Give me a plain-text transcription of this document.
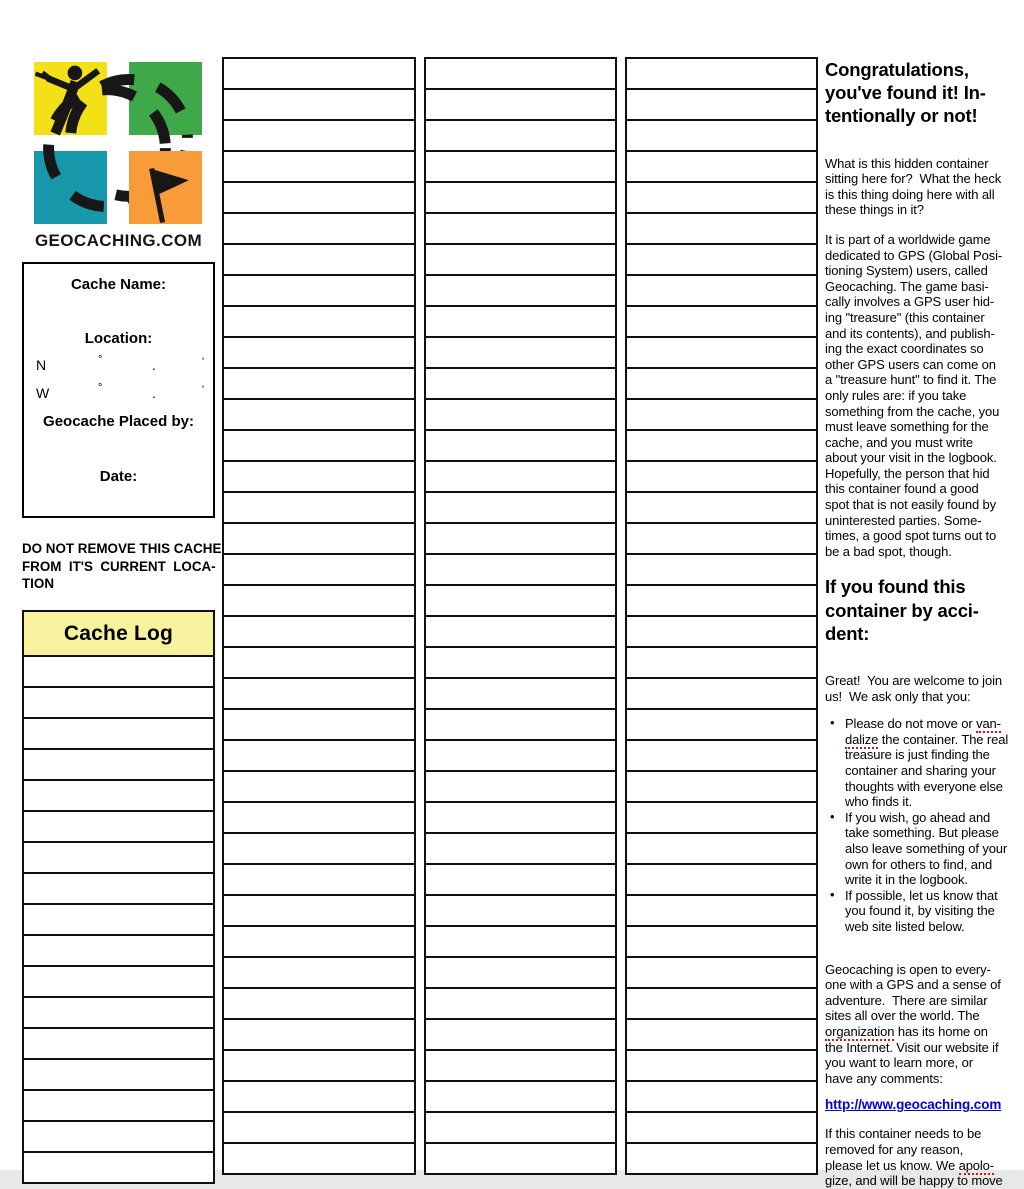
GEOCACHING.COM
Cache Name:
Location:
N	°	.	'
W	°	.	'
Geocache Placed by:
Date:
DO NOT REMOVE THIS CACHE
FROM  IT'S  CURRENT  LOCA-
TION
Cache Log
Congratulations,
you've found it! In-
tentionally or not!
What is this hidden container
sitting here for?  What the heck
is this thing doing here with all
these things in it?
It is part of a worldwide game
dedicated to GPS (Global Posi-
tioning System) users, called
Geocaching. The game basi-
cally involves a GPS user hid-
ing "treasure" (this container
and its contents), and publish-
ing the exact coordinates so
other GPS users can come on
a "treasure hunt" to find it. The
only rules are: if you take
something from the cache, you
must leave something for the
cache, and you must write
about your visit in the logbook.
Hopefully, the person that hid
this container found a good
spot that is not easily found by
uninterested parties. Some-
times, a good spot turns out to
be a bad spot, though.
If you found this
container by acci-
dent:
Great!  You are welcome to join
us!  We ask only that you:
• Please do not move or van-
dalize the container. The real
treasure is just finding the
container and sharing your
thoughts with everyone else
who finds it.
• If you wish, go ahead and
take something. But please
also leave something of your
own for others to find, and
write it in the logbook.
• If possible, let us know that
you found it, by visiting the
web site listed below.
Geocaching is open to every-
one with a GPS and a sense of
adventure.  There are similar
sites all over the world. The
organization has its home on
the Internet. Visit our website if
you want to learn more, or
have any comments:
http://www.geocaching.com
If this container needs to be
removed for any reason,
please let us know. We apolo-
gize, and will be happy to move
